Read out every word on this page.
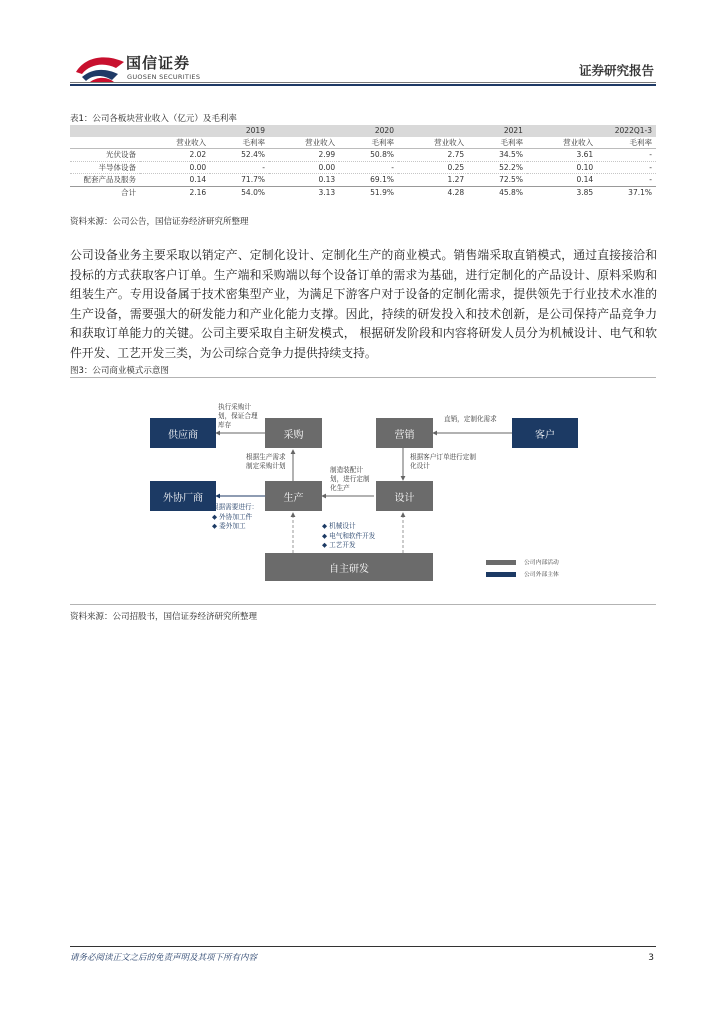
国信证券
GUOSEN SECURITIES	证券研究报告
表1：公司各板块营业收入（亿元）及毛利率
	2019		2020		2021		2022Q1-3	
	营业收入	毛利率	营业收入	毛利率	营业收入	毛利率	营业收入	毛利率
光伏设备	2.02	52.4%	2.99	50.8%	2.75	34.5%	3.61	-
半导体设备	0.00	-	0.00	-	0.25	52.2%	0.10	-
配套产品及服务	0.14	71.7%	0.13	69.1%	1.27	72.5%	0.14	-
合计	2.16	54.0%	3.13	51.9%	4.28	45.8%	3.85	37.1%
资料来源：公司公告，国信证券经济研究所整理
公司设备业务主要采取以销定产、定制化设计、定制化生产的商业模式。销售端采取直销模式，通过直接接洽和投标的方式获取客户订单。生产端和采购端以每个设备订单的需求为基础，进行定制化的产品设计、原料采购和组装生产。专用设备属于技术密集型产业，为满足下游客户对于设备的定制化需求，提供领先于行业技术水准的生产设备，需要强大的研发能力和产业化能力支撑。因此，持续的研发投入和技术创新，是公司保持产品竞争力和获取订单能力的关键。公司主要采取自主研发模式， 根据研发阶段和内容将研发人员分为机械设计、电气和软件开发、工艺开发三类，为公司综合竞争力提供持续支持。
图3：公司商业模式示意图
供应商	采购	营销	客户
外协厂商	生产	设计
自主研发
执行采购计划，保证合理库存
直销，定制化需求
根据生产需求制定采购计划
根据客户订单进行定制化设计
制造装配计划，进行定制化生产
根据需要进行：
◆ 外协加工件
◆ 委外加工	◆ 机械设计
◆ 电气和软件开发
◆ 工艺开发
公司内部活动
公司外部主体
资料来源：公司招股书，国信证券经济研究所整理
请务必阅读正文之后的免责声明及其项下所有内容	3
